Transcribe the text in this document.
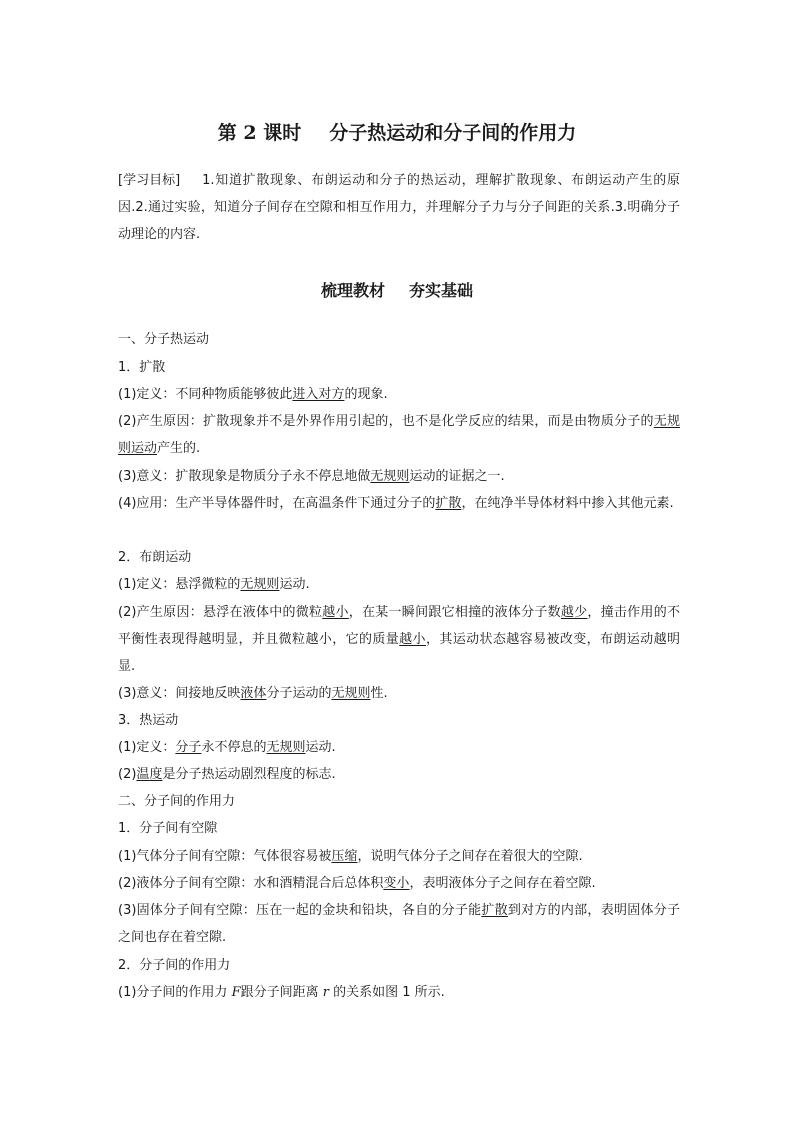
第 2 课时 分子热运动和分子间的作用力
[学习目标] 1.知道扩散现象、布朗运动和分子的热运动，理解扩散现象、布朗运动产生的原因.2.通过实验，知道分子间存在空隙和相互作用力，并理解分子力与分子间距的关系.3.明确分子动理论的内容.
梳理教材 夯实基础
一、分子热运动
1．扩散
(1)定义：不同种物质能够彼此进入对方的现象.
(2)产生原因：扩散现象并不是外界作用引起的，也不是化学反应的结果，而是由物质分子的无规则运动产生的.
(3)意义：扩散现象是物质分子永不停息地做无规则运动的证据之一.
(4)应用：生产半导体器件时，在高温条件下通过分子的扩散，在纯净半导体材料中掺入其他元素.
2．布朗运动
(1)定义：悬浮微粒的无规则运动.
(2)产生原因：悬浮在液体中的微粒越小，在某一瞬间跟它相撞的液体分子数越少，撞击作用的不平衡性表现得越明显，并且微粒越小，它的质量越小，其运动状态越容易被改变，布朗运动越明显.
(3)意义：间接地反映液体分子运动的无规则性.
3．热运动
(1)定义：分子永不停息的无规则运动.
(2)温度是分子热运动剧烈程度的标志.
二、分子间的作用力
1．分子间有空隙
(1)气体分子间有空隙：气体很容易被压缩，说明气体分子之间存在着很大的空隙.
(2)液体分子间有空隙：水和酒精混合后总体积变小，表明液体分子之间存在着空隙.
(3)固体分子间有空隙：压在一起的金块和铅块，各自的分子能扩散到对方的内部，表明固体分子之间也存在着空隙.
2．分子间的作用力
(1)分子间的作用力 F跟分子间距离 r 的关系如图 1 所示.
